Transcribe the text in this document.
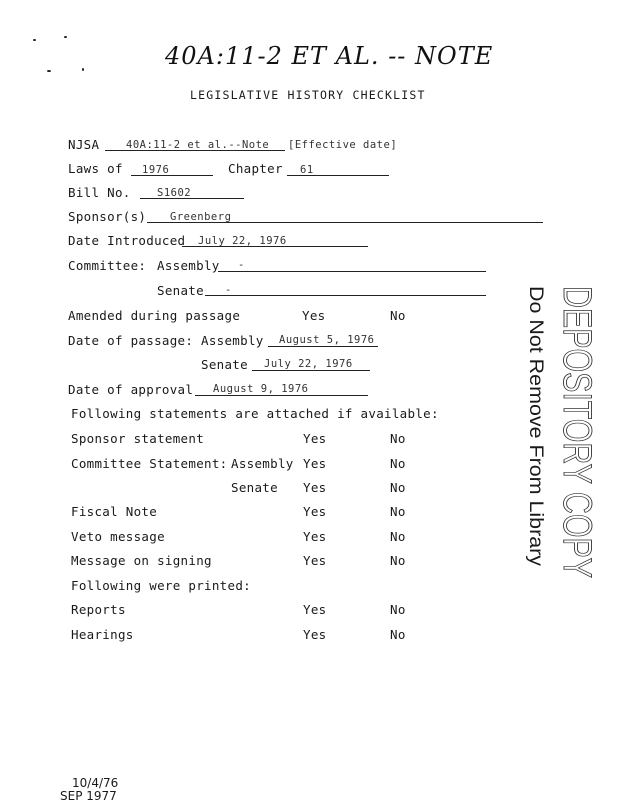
40A:11-2 ET AL. -- NOTE
LEGISLATIVE HISTORY CHECKLIST
NJSA	40A:11-2 et al.--Note [Effective date]
Laws of 1976	Chapter 61
Bill No.	S1602
Sponsor(s) Greenberg
Date Introduced July 22, 1976
Committee: Assembly -
Senate -
Amended during passage	Yes	No
Date of passage: Assembly August 5, 1976
Senate July 22, 1976
Date of approval August 9, 1976
Following statements are attached if available:
Sponsor statement	Yes	No
Committee Statement: Assembly Yes	No
Senate Yes	No
Fiscal Note	Yes	No
Veto message	Yes	No
Message on signing	Yes	No
Following were printed:
Reports	Yes	No
Hearings	Yes	No	DEPOSITORY COPY
Do Not Remove From Library
10/4/76
SEP 1977
